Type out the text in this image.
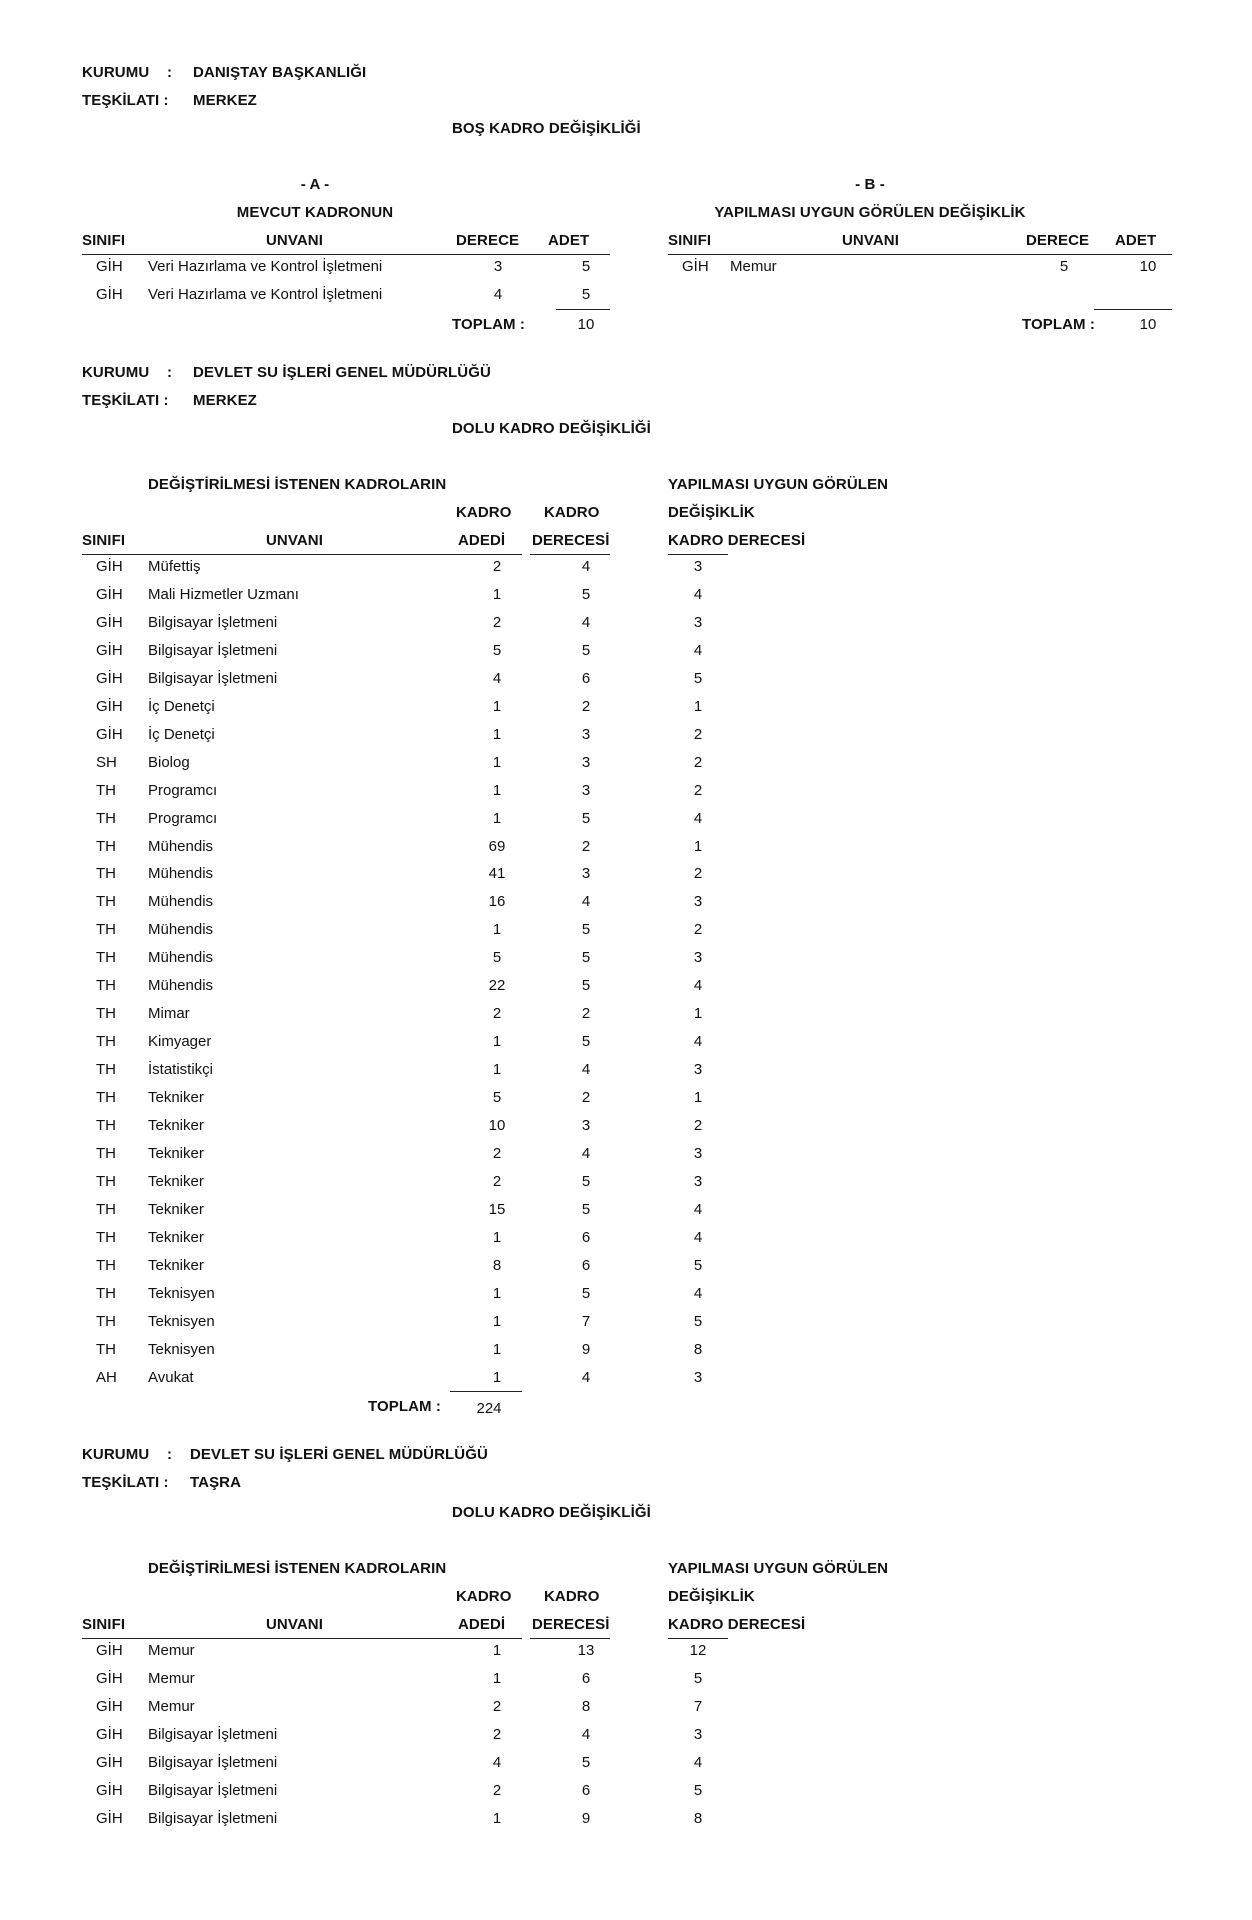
KURUMU : DANIŞTAY BAŞKANLIĞI
TEŞKİLATI : MERKEZ
BOŞ KADRO DEĞİŞİKLİĞİ
- A -
MEVCUT KADRONUN
- B -
YAPILMASI UYGUN GÖRÜLEN DEĞİŞİKLİK
SINIFI	UNVANI	DERECE ADET	SINIFI	UNVANI	DERECE ADET
GİH Veri Hazırlama ve Kontrol İşletmeni	3	5
GİH Veri Hazırlama ve Kontrol İşletmeni	4	5
TOPLAM :	10
GİH Memur	5	10
TOPLAM :	10
KURUMU : DEVLET SU İŞLERİ GENEL MÜDÜRLÜĞÜ
TEŞKİLATI : MERKEZ
DOLU KADRO DEĞİŞİKLİĞİ
DEĞİŞTİRİLMESİ İSTENEN KADROLARIN	YAPILMASI UYGUN GÖRÜLEN
KADRO KADRO	DEĞİŞİKLİK
SINIFI	UNVANI	ADEDİ DERECESİ	KADRO DERECESİ
GİH Müfettiş	2	4	3
GİH Mali Hizmetler Uzmanı	1	5	4
GİH Bilgisayar İşletmeni	2	4	3
GİH Bilgisayar İşletmeni	5	5	4
GİH Bilgisayar İşletmeni	4	6	5
GİH İç Denetçi	1	2	1
GİH İç Denetçi	1	3	2
SH Biolog	1	3	2
TH Programcı	1	3	2
TH Programcı	1	5	4
TH Mühendis	69	2	1
TH Mühendis	41	3	2
TH Mühendis	16	4	3
TH Mühendis	1	5	2
TH Mühendis	5	5	3
TH Mühendis	22	5	4
TH Mimar	2	2	1
TH Kimyager	1	5	4
TH İstatistikçi	1	4	3
TH Tekniker	5	2	1
TH Tekniker	10	3	2
TH Tekniker	2	4	3
TH Tekniker	2	5	3
TH Tekniker	15	5	4
TH Tekniker	1	6	4
TH Tekniker	8	6	5
TH Teknisyen	1	5	4
TH Teknisyen	1	7	5
TH Teknisyen	1	9	8
AH Avukat	1	4	3
TOPLAM : 224
KURUMU : DEVLET SU İŞLERİ GENEL MÜDÜRLÜĞÜ
TEŞKİLATI : TAŞRA
DOLU KADRO DEĞİŞİKLİĞİ
DEĞİŞTİRİLMESİ İSTENEN KADROLARIN	YAPILMASI UYGUN GÖRÜLEN
KADRO KADRO	DEĞİŞİKLİK
SINIFI	UNVANI	ADEDİ DERECESİ	KADRO DERECESİ
GİH Memur	1	13	12
GİH Memur	1	6	5
GİH Memur	2	8	7
GİH Bilgisayar İşletmeni	2	4	3
GİH Bilgisayar İşletmeni	4	5	4
GİH Bilgisayar İşletmeni	2	6	5
GİH Bilgisayar İşletmeni	1	9	8
